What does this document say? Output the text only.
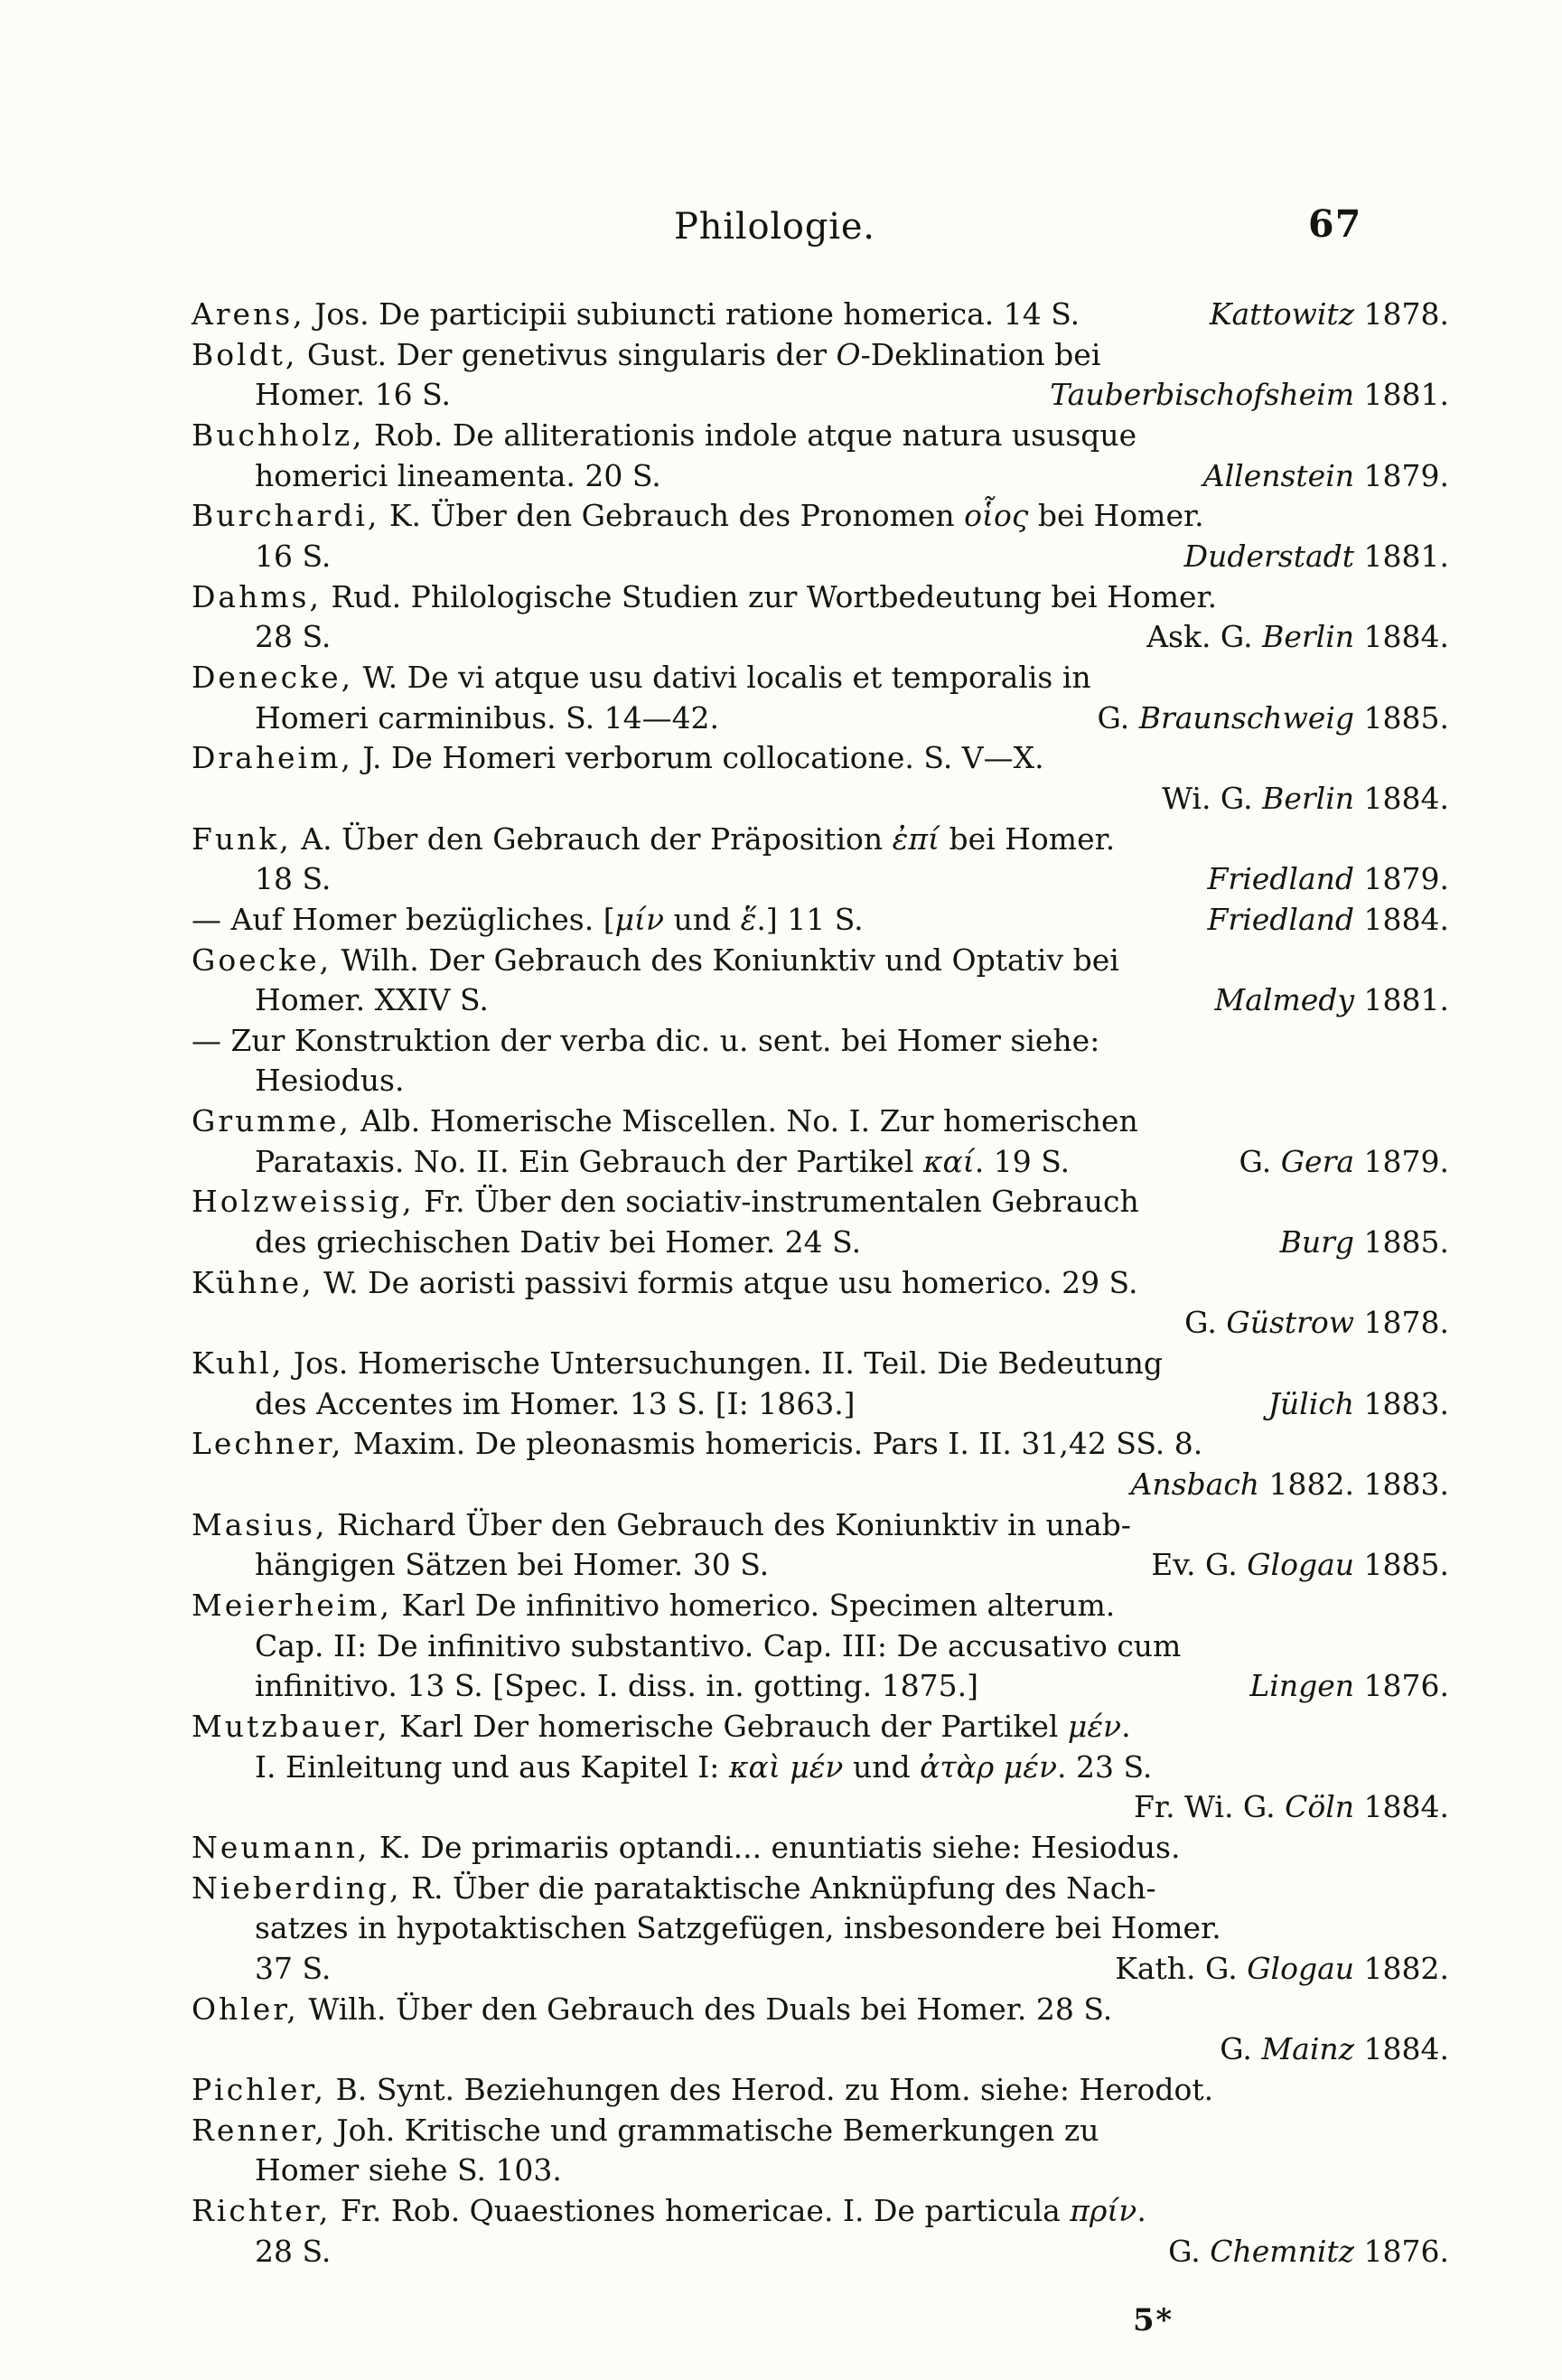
Philologie.	67
Arens, Jos. De participii subiuncti ratione homerica. 14 S.	Kattowitz 1878.
Boldt, Gust. Der genetivus singularis der O-Deklination bei
Homer. 16 S.	Tauberbischofsheim 1881.
Buchholz, Rob. De alliterationis indole atque natura ususque
homerici lineamenta. 20 S.	Allenstein 1879.
Burchardi, K. Über den Gebrauch des Pronomen οἷος bei Homer.
16 S.	Duderstadt 1881.
Dahms, Rud. Philologische Studien zur Wortbedeutung bei Homer.
28 S.	Ask. G. Berlin 1884.
Denecke, W. De vi atque usu dativi localis et temporalis in
Homeri carminibus. S. 14—42.	G. Braunschweig 1885.
Draheim, J. De Homeri verborum collocatione. S. V—X.
Wi. G. Berlin 1884.
Funk, A. Über den Gebrauch der Präposition ἐπί bei Homer.
18 S.	Friedland 1879.
— Auf Homer bezügliches. [μίν und ἕ.] 11 S.	Friedland 1884.
Goecke, Wilh. Der Gebrauch des Koniunktiv und Optativ bei
Homer. XXIV S.	Malmedy 1881.
— Zur Konstruktion der verba dic. u. sent. bei Homer siehe:
Hesiodus.
Grumme, Alb. Homerische Miscellen. No. I. Zur homerischen
Parataxis. No. II. Ein Gebrauch der Partikel καί. 19 S.	G. Gera 1879.
Holzweissig, Fr. Über den sociativ-instrumentalen Gebrauch
des griechischen Dativ bei Homer. 24 S.	Burg 1885.
Kühne, W. De aoristi passivi formis atque usu homerico. 29 S.
G. Güstrow 1878.
Kuhl, Jos. Homerische Untersuchungen. II. Teil. Die Bedeutung
des Accentes im Homer. 13 S. [I: 1863.]	Jülich 1883.
Lechner, Maxim. De pleonasmis homericis. Pars I. II. 31,42 SS. 8.
Ansbach 1882. 1883.
Masius, Richard Über den Gebrauch des Koniunktiv in unab-
hängigen Sätzen bei Homer. 30 S.	Ev. G. Glogau 1885.
Meierheim, Karl De infinitivo homerico. Specimen alterum.
Cap. II: De infinitivo substantivo. Cap. III: De accusativo cum
infinitivo. 13 S. [Spec. I. diss. in. gotting. 1875.]	Lingen 1876.
Mutzbauer, Karl Der homerische Gebrauch der Partikel μέν.
I. Einleitung und aus Kapitel I: καὶ μέν und ἀτὰρ μέν. 23 S.
Fr. Wi. G. Cöln 1884.
Neumann, K. De primariis optandi... enuntiatis siehe: Hesiodus.
Nieberding, R. Über die parataktische Anknüpfung des Nach-
satzes in hypotaktischen Satzgefügen, insbesondere bei Homer.
37 S.	Kath. G. Glogau 1882.
Ohler, Wilh. Über den Gebrauch des Duals bei Homer. 28 S.
G. Mainz 1884.
Pichler, B. Synt. Beziehungen des Herod. zu Hom. siehe: Herodot.
Renner, Joh. Kritische und grammatische Bemerkungen zu
Homer siehe S. 103.
Richter, Fr. Rob. Quaestiones homericae. I. De particula πρίν.
28 S.	G. Chemnitz 1876.
5*
